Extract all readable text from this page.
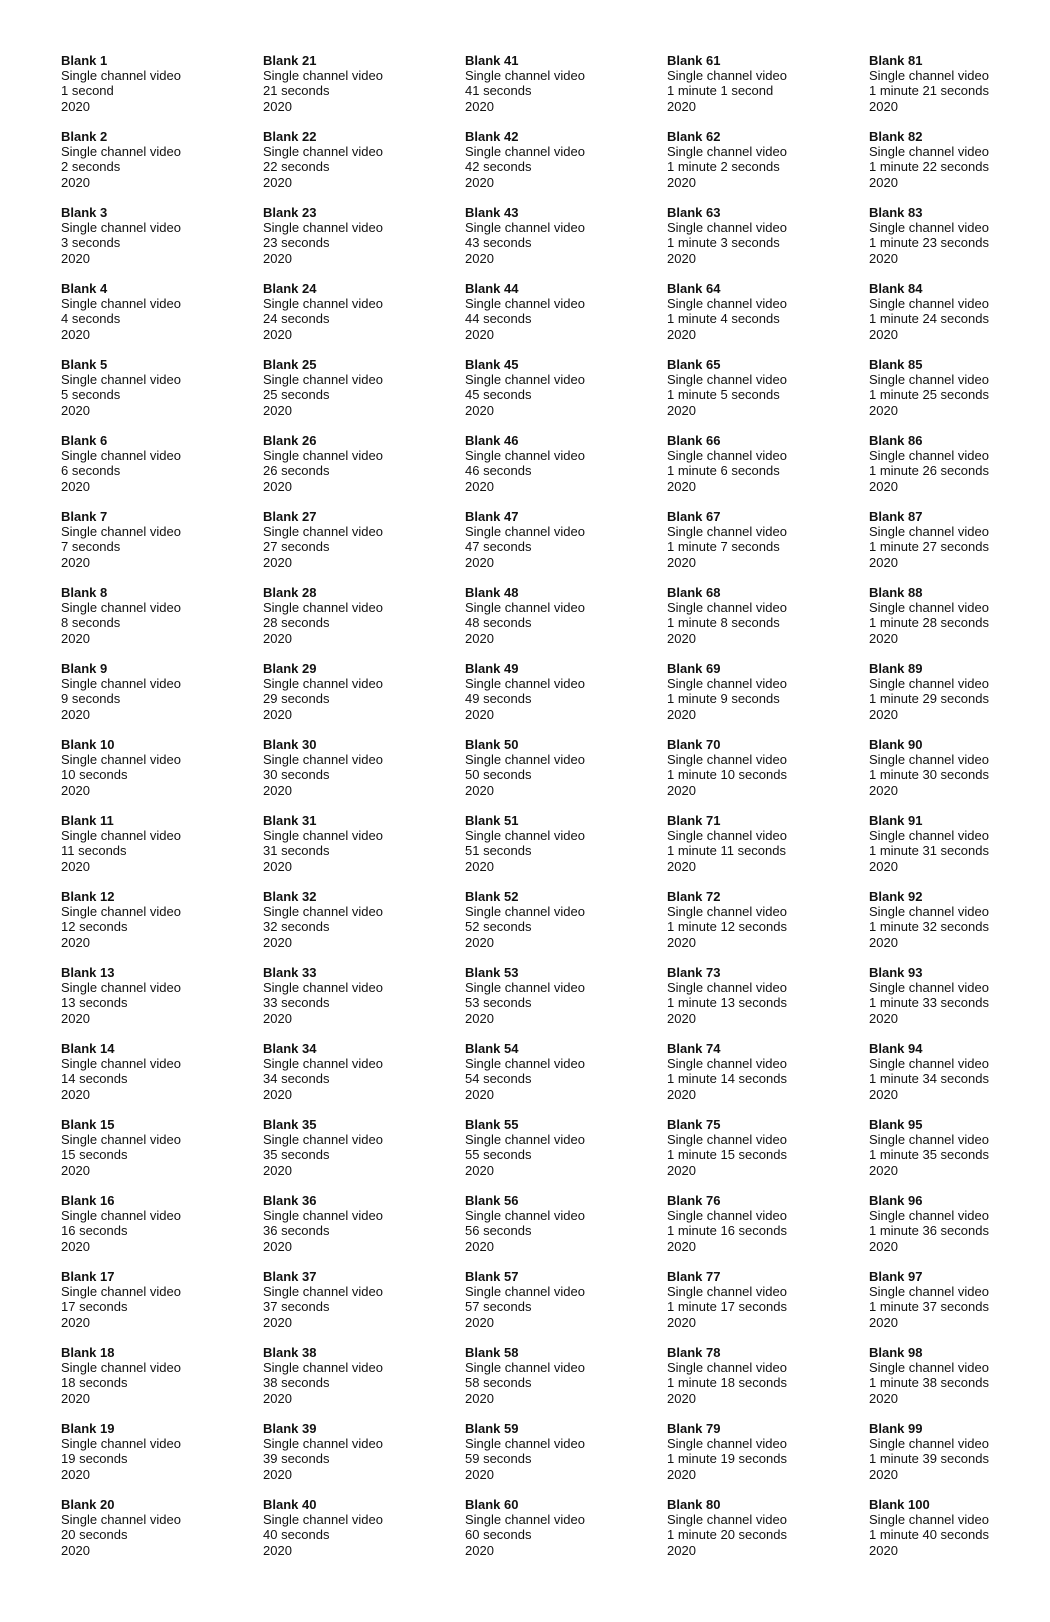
Blank 1
Single channel video
1 second
2020
Blank 2
Single channel video
2 seconds
2020
Blank 3
Single channel video
3 seconds
2020
Blank 4
Single channel video
4 seconds
2020
Blank 5
Single channel video
5 seconds
2020
Blank 6
Single channel video
6 seconds
2020
Blank 7
Single channel video
7 seconds
2020
Blank 8
Single channel video
8 seconds
2020
Blank 9
Single channel video
9 seconds
2020
Blank 10
Single channel video
10 seconds
2020
Blank 11
Single channel video
11 seconds
2020
Blank 12
Single channel video
12 seconds
2020
Blank 13
Single channel video
13 seconds
2020
Blank 14
Single channel video
14 seconds
2020
Blank 15
Single channel video
15 seconds
2020
Blank 16
Single channel video
16 seconds
2020
Blank 17
Single channel video
17 seconds
2020
Blank 18
Single channel video
18 seconds
2020
Blank 19
Single channel video
19 seconds
2020
Blank 20
Single channel video
20 seconds
2020
Blank 21
Single channel video
21 seconds
2020
Blank 22
Single channel video
22 seconds
2020
Blank 23
Single channel video
23 seconds
2020
Blank 24
Single channel video
24 seconds
2020
Blank 25
Single channel video
25 seconds
2020
Blank 26
Single channel video
26 seconds
2020
Blank 27
Single channel video
27 seconds
2020
Blank 28
Single channel video
28 seconds
2020
Blank 29
Single channel video
29 seconds
2020
Blank 30
Single channel video
30 seconds
2020
Blank 31
Single channel video
31 seconds
2020
Blank 32
Single channel video
32 seconds
2020
Blank 33
Single channel video
33 seconds
2020
Blank 34
Single channel video
34 seconds
2020
Blank 35
Single channel video
35 seconds
2020
Blank 36
Single channel video
36 seconds
2020
Blank 37
Single channel video
37 seconds
2020
Blank 38
Single channel video
38 seconds
2020
Blank 39
Single channel video
39 seconds
2020
Blank 40
Single channel video
40 seconds
2020
Blank 41
Single channel video
41 seconds
2020
Blank 42
Single channel video
42 seconds
2020
Blank 43
Single channel video
43 seconds
2020
Blank 44
Single channel video
44 seconds
2020
Blank 45
Single channel video
45 seconds
2020
Blank 46
Single channel video
46 seconds
2020
Blank 47
Single channel video
47 seconds
2020
Blank 48
Single channel video
48 seconds
2020
Blank 49
Single channel video
49 seconds
2020
Blank 50
Single channel video
50 seconds
2020
Blank 51
Single channel video
51 seconds
2020
Blank 52
Single channel video
52 seconds
2020
Blank 53
Single channel video
53 seconds
2020
Blank 54
Single channel video
54 seconds
2020
Blank 55
Single channel video
55 seconds
2020
Blank 56
Single channel video
56 seconds
2020
Blank 57
Single channel video
57 seconds
2020
Blank 58
Single channel video
58 seconds
2020
Blank 59
Single channel video
59 seconds
2020
Blank 60
Single channel video
60 seconds
2020
Blank 61
Single channel video
1 minute 1 second
2020
Blank 62
Single channel video
1 minute 2 seconds
2020
Blank 63
Single channel video
1 minute 3 seconds
2020
Blank 64
Single channel video
1 minute 4 seconds
2020
Blank 65
Single channel video
1 minute 5 seconds
2020
Blank 66
Single channel video
1 minute 6 seconds
2020
Blank 67
Single channel video
1 minute 7 seconds
2020
Blank 68
Single channel video
1 minute 8 seconds
2020
Blank 69
Single channel video
1 minute 9 seconds
2020
Blank 70
Single channel video
1 minute 10 seconds
2020
Blank 71
Single channel video
1 minute 11 seconds
2020
Blank 72
Single channel video
1 minute 12 seconds
2020
Blank 73
Single channel video
1 minute 13 seconds
2020
Blank 74
Single channel video
1 minute 14 seconds
2020
Blank 75
Single channel video
1 minute 15 seconds
2020
Blank 76
Single channel video
1 minute 16 seconds
2020
Blank 77
Single channel video
1 minute 17 seconds
2020
Blank 78
Single channel video
1 minute 18 seconds
2020
Blank 79
Single channel video
1 minute 19 seconds
2020
Blank 80
Single channel video
1 minute 20 seconds
2020
Blank 81
Single channel video
1 minute 21 seconds
2020
Blank 82
Single channel video
1 minute 22 seconds
2020
Blank 83
Single channel video
1 minute 23 seconds
2020
Blank 84
Single channel video
1 minute 24 seconds
2020
Blank 85
Single channel video
1 minute 25 seconds
2020
Blank 86
Single channel video
1 minute 26 seconds
2020
Blank 87
Single channel video
1 minute 27 seconds
2020
Blank 88
Single channel video
1 minute 28 seconds
2020
Blank 89
Single channel video
1 minute 29 seconds
2020
Blank 90
Single channel video
1 minute 30 seconds
2020
Blank 91
Single channel video
1 minute 31 seconds
2020
Blank 92
Single channel video
1 minute 32 seconds
2020
Blank 93
Single channel video
1 minute 33 seconds
2020
Blank 94
Single channel video
1 minute 34 seconds
2020
Blank 95
Single channel video
1 minute 35 seconds
2020
Blank 96
Single channel video
1 minute 36 seconds
2020
Blank 97
Single channel video
1 minute 37 seconds
2020
Blank 98
Single channel video
1 minute 38 seconds
2020
Blank 99
Single channel video
1 minute 39 seconds
2020
Blank 100
Single channel video
1 minute 40 seconds
2020
